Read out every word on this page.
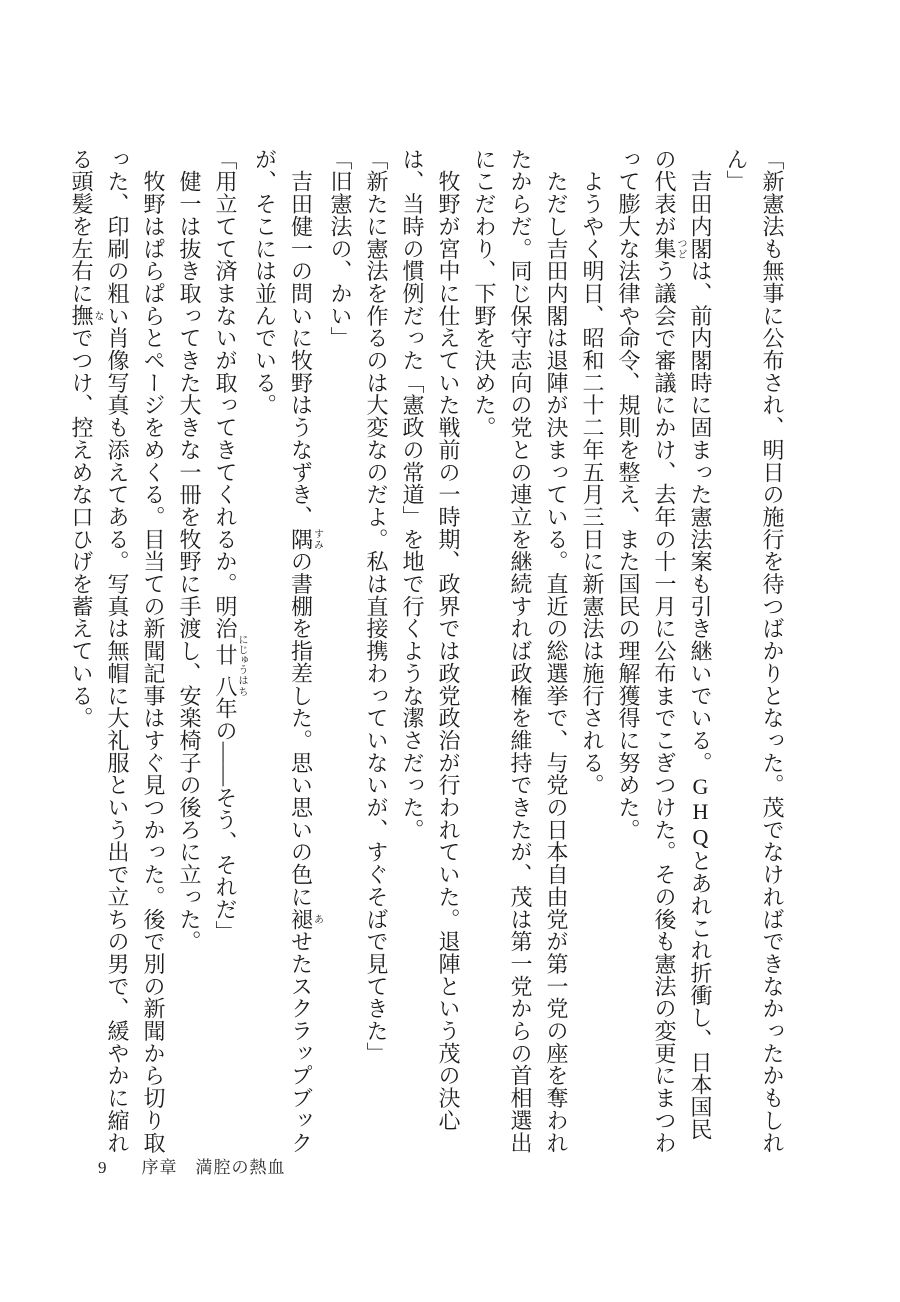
「新憲法も無事に公布され、明日の施行を待つばかりとなった。茂でなければできなかったかもしれん」

　吉田内閣は、前内閣時に固まった憲法案も引き継いでいる。GHQとあれこれ折衝し、日本国民の代表が集つどう議会で審議にかけ、去年の十一月に公布までこぎつけた。その後も憲法の変更にまつわって膨大な法律や命令、規則を整え、また国民の理解獲得に努めた。

　ようやく明日、昭和二十二年五月三日に新憲法は施行される。

　ただし吉田内閣は退陣が決まっている。直近の総選挙で、与党の日本自由党が第一党の座を奪われたからだ。同じ保守志向の党との連立を継続すれば政権を維持できたが、茂は第一党からの首相選出にこだわり、下野を決めた。

　牧野が宮中に仕えていた戦前の一時期、政界では政党政治が行われていた。退陣という茂の決心は、当時の慣例だった「憲政の常道」を地で行くような潔さだった。

「新たに憲法を作るのは大変なのだよ。私は直接携わっていないが、すぐそばで見てきた」

「旧憲法の、かい」

　吉田健一の問いに牧野はうなずき、隅すみの書棚を指差した。思い思いの色に褪あせたスクラップブックが、そこには並んでいる。

「用立てて済まないが取ってきてくれるか。明治廿にじゅう八はち年の――そう、それだ」

　健一は抜き取ってきた大きな一冊を牧野に手渡し、安楽椅子の後ろに立った。

　牧野はぱらぱらとページをめくる。目当ての新聞記事はすぐ見つかった。後で別の新聞から切り取った、印刷の粗い肖像写真も添えてある。写真は無帽に大礼服という出で立ちの男で、緩やかに縮れる頭髪を左右に撫なでつけ、控えめな口ひげを蓄えている。

9 序章　満腔の熱血
